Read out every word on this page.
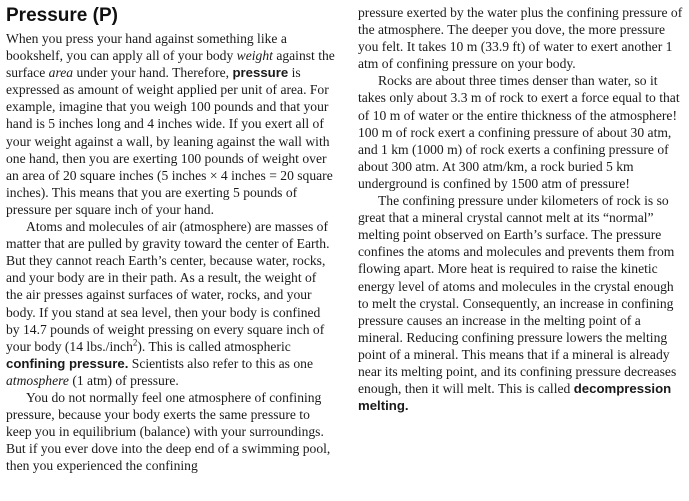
Pressure (P)

When you press your hand against something like a bookshelf, you can apply all of your body weight against the surface area under your hand. Therefore, pressure is expressed as amount of weight applied per unit of area. For example, imagine that you weigh 100 pounds and that your hand is 5 inches long and 4 inches wide. If you exert all of your weight against a wall, by leaning against the wall with one hand, then you are exerting 100 pounds of weight over an area of 20 square inches (5 inches × 4 inches = 20 square inches). This means that you are exerting 5 pounds of pressure per square inch of your hand.

Atoms and molecules of air (atmosphere) are masses of matter that are pulled by gravity toward the center of Earth. But they cannot reach Earth’s center, because water, rocks, and your body are in their path. As a result, the weight of the air presses against surfaces of water, rocks, and your body. If you stand at sea level, then your body is confined by 14.7 pounds of weight pressing on every square inch of your body (14 lbs./inch$^2$). This is called atmospheric confining pressure. Scientists also refer to this as one atmosphere (1 atm) of pressure.

You do not normally feel one atmosphere of confining pressure, because your body exerts the same pressure to keep you in equilibrium (balance) with your surroundings. But if you ever dove into the deep end of a swimming pool, then you experienced the confining

pressure exerted by the water plus the confining pressure of the atmosphere. The deeper you dove, the more pressure you felt. It takes 10 m (33.9 ft) of water to exert another 1 atm of confining pressure on your body.

Rocks are about three times denser than water, so it takes only about 3.3 m of rock to exert a force equal to that of 10 m of water or the entire thickness of the atmosphere! 100 m of rock exert a confining pressure of about 30 atm, and 1 km (1000 m) of rock exerts a confining pressure of about 300 atm. At 300 atm/km, a rock buried 5 km underground is confined by 1500 atm of pressure!

The confining pressure under kilometers of rock is so great that a mineral crystal cannot melt at its “normal” melting point observed on Earth’s surface. The pressure confines the atoms and molecules and prevents them from flowing apart. More heat is required to raise the kinetic energy level of atoms and molecules in the crystal enough to melt the crystal. Consequently, an increase in confining pressure causes an increase in the melting point of a mineral. Reducing confining pressure lowers the melting point of a mineral. This means that if a mineral is already near its melting point, and its confining pressure decreases enough, then it will melt. This is called decompression melting.
